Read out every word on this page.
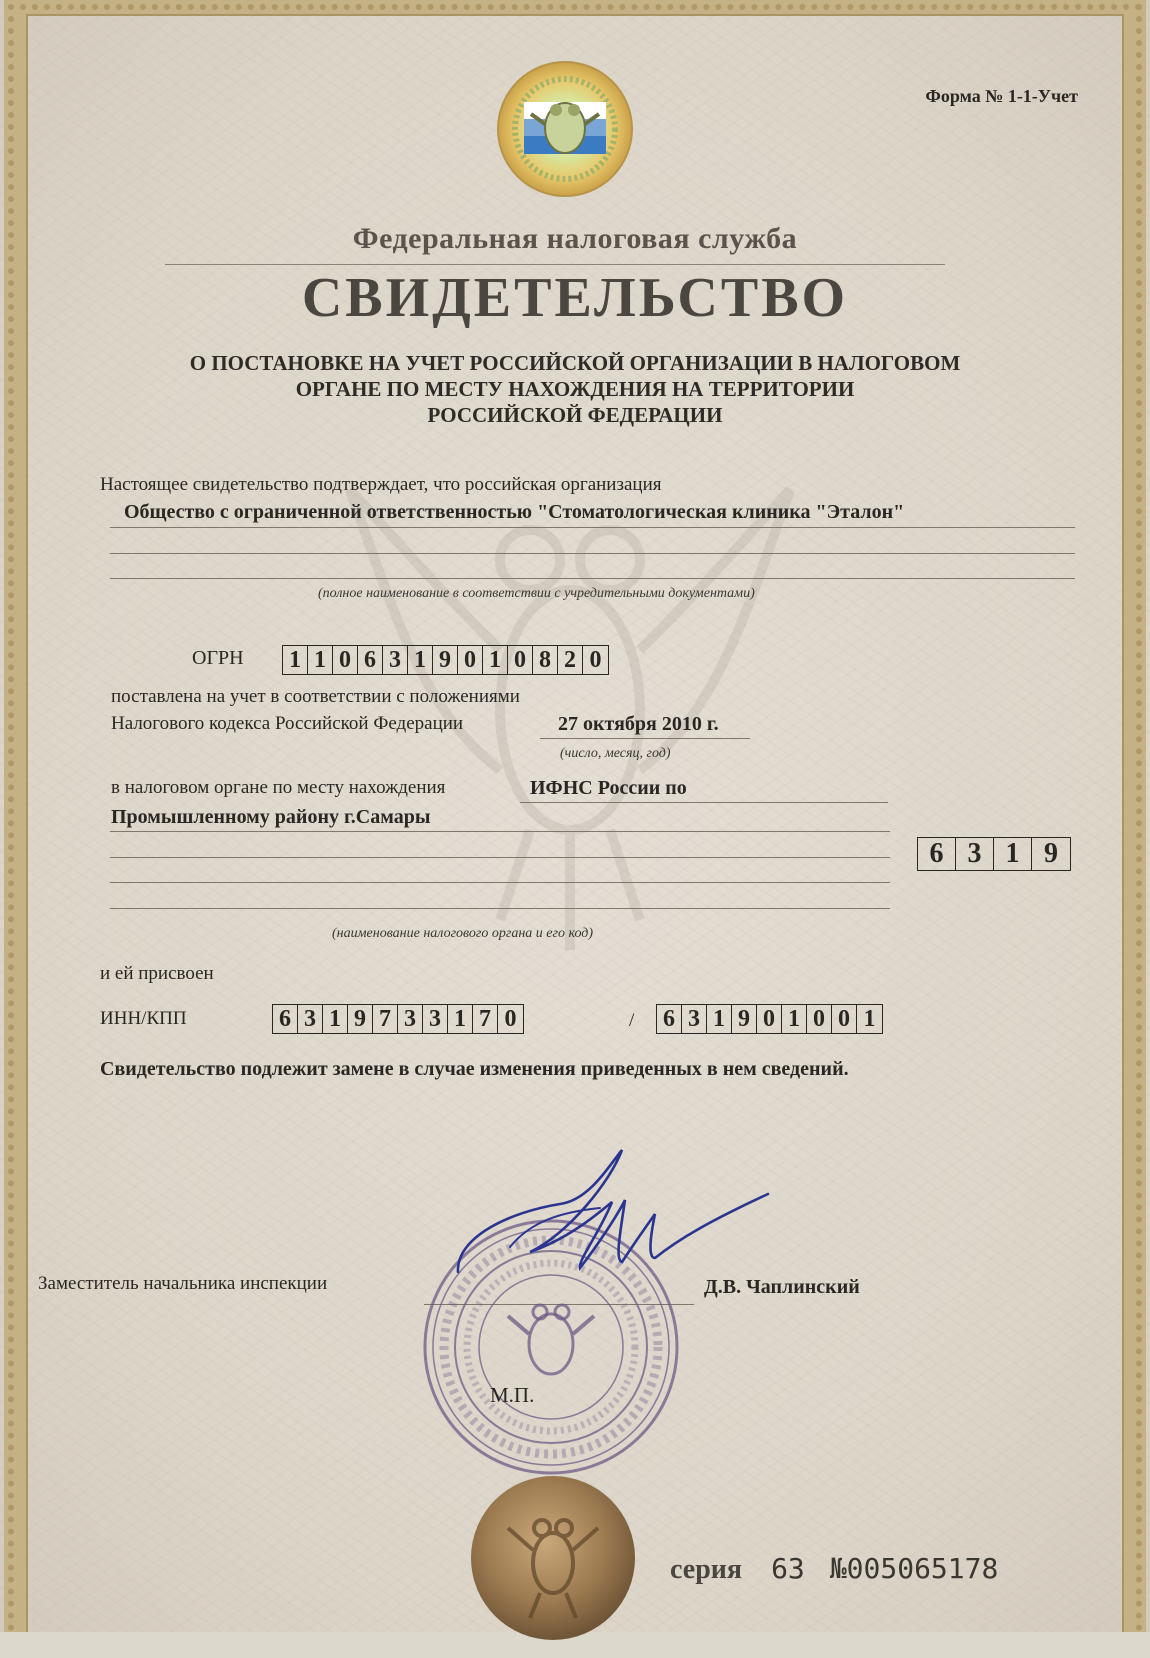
Форма № 1-1-Учет
Федеральная налоговая служба
СВИДЕТЕЛЬСТВО
О ПОСТАНОВКЕ НА УЧЕТ РОССИЙСКОЙ ОРГАНИЗАЦИИ В НАЛОГОВОМ
ОРГАНЕ ПО МЕСТУ НАХОЖДЕНИЯ НА ТЕРРИТОРИИ
РОССИЙСКОЙ ФЕДЕРАЦИИ
Настоящее свидетельство подтверждает, что российская организация
Общество с ограниченной ответственностью "Стоматологическая клиника "Эталон"
(полное наименование в соответствии с учредительными документами)
ОГРН 1 1 0 6 3 1 9 0 1 0 8 2 0
поставлена на учет в соответствии с положениями
Налогового кодекса Российской Федерации	27 октября 2010 г.
(число, месяц, год)
в налоговом органе по месту нахождения	ИФНС России по
Промышленному району г.Самары
6 3 1 9
(наименование налогового органа и его код)
и ей присвоен
ИНН/КПП	6 3 1 9 7 3 3 1 7 0	/ 6 3 1 9 0 1 0 0 1
Свидетельство подлежит замене в случае изменения приведенных в нем сведений.
Заместитель начальника инспекции	Д.В. Чаплинский
М.П.
серия 63 №005065178
